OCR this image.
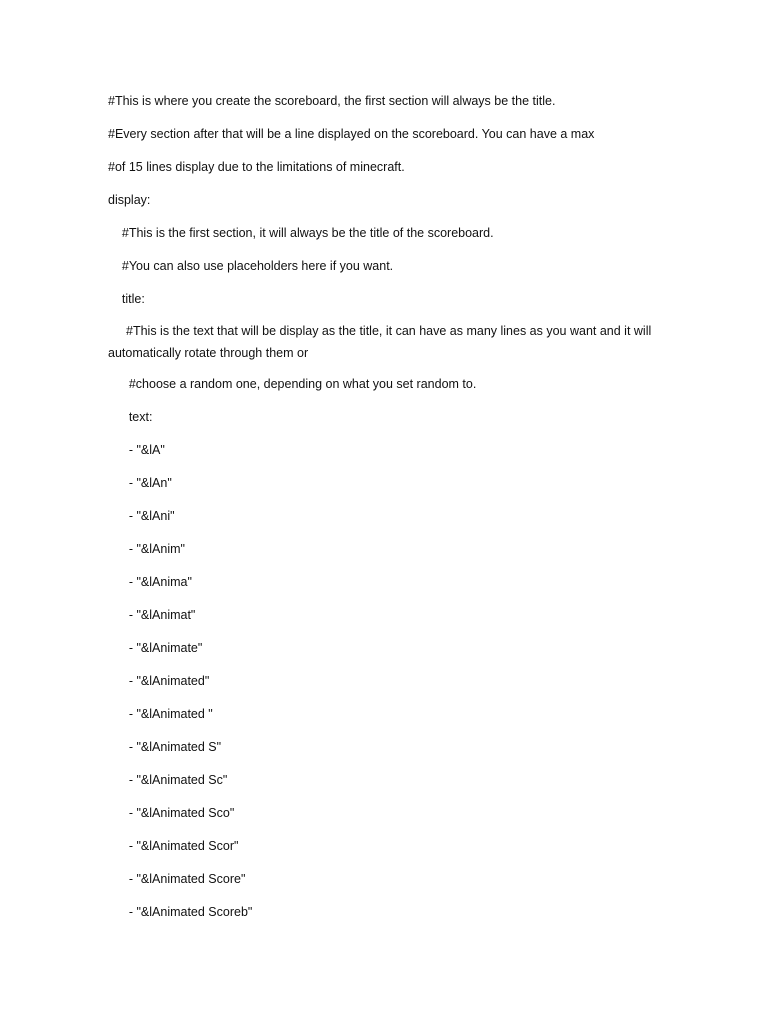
#This is where you create the scoreboard, the first section will always be the title.
#Every section after that will be a line displayed on the scoreboard. You can have a max
#of 15 lines display due to the limitations of minecraft.
display:
#This is the first section, it will always be the title of the scoreboard.
#You can also use placeholders here if you want.
title:
#This is the text that will be display as the title, it can have as many lines as you want and it will automatically rotate through them or
#choose a random one, depending on what you set random to.
text:
- "&lA"
- "&lAn"
- "&lAni"
- "&lAnim"
- "&lAnima"
- "&lAnimat"
- "&lAnimate"
- "&lAnimated"
- "&lAnimated "
- "&lAnimated S"
- "&lAnimated Sc"
- "&lAnimated Sco"
- "&lAnimated Scor"
- "&lAnimated Score"
- "&lAnimated Scoreb"
